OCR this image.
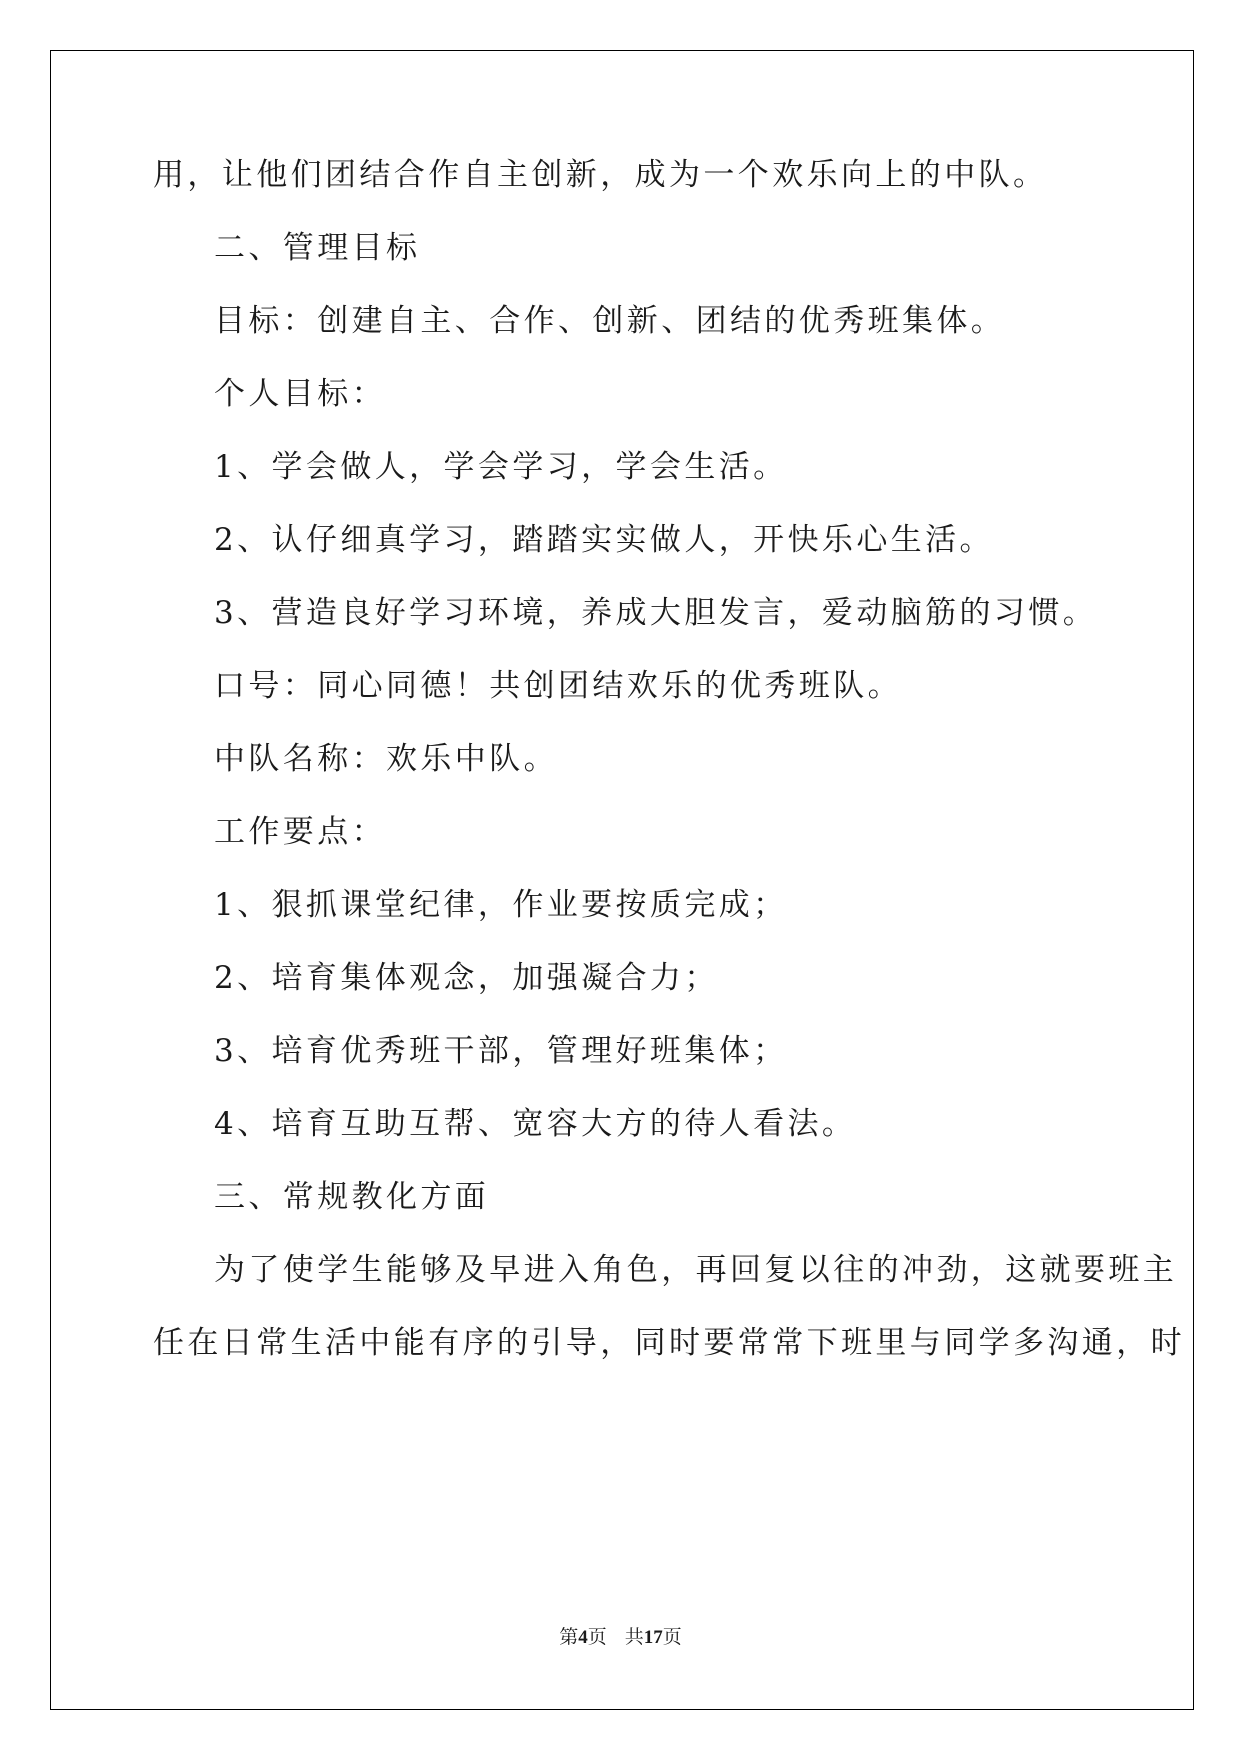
用，让他们团结合作自主创新，成为一个欢乐向上的中队。
二、管理目标
目标：创建自主、合作、创新、团结的优秀班集体。
个人目标：
1、学会做人，学会学习，学会生活。
2、认仔细真学习，踏踏实实做人，开快乐心生活。
3、营造良好学习环境，养成大胆发言，爱动脑筋的习惯。
口号：同心同德！共创团结欢乐的优秀班队。
中队名称：欢乐中队。
工作要点：
1、狠抓课堂纪律，作业要按质完成；
2、培育集体观念，加强凝合力；
3、培育优秀班干部，管理好班集体；
4、培育互助互帮、宽容大方的待人看法。
三、常规教化方面
为了使学生能够及早进入角色，再回复以往的冲劲，这就要班主
任在日常生活中能有序的引导，同时要常常下班里与同学多沟通，时
第4页 共17页
